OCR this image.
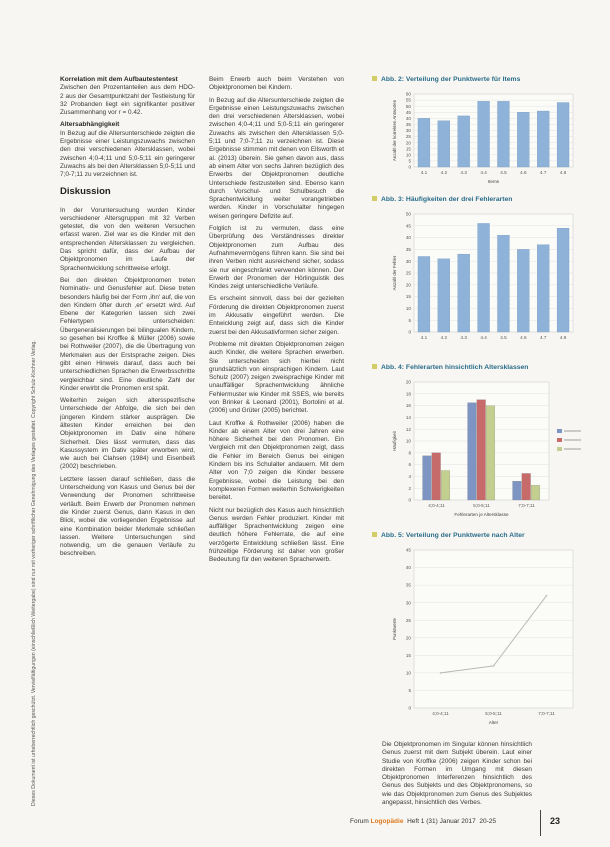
Dieses Dokument ist urheberrechtlich geschützt. Vervielfältigungen (einschließlich Weitergabe) sind nur mit vorheriger schriftlicher Genehmigung des Verlages gestattet. Copyright Schulz-Kirchner Verlag.
Korrelation mit dem Aufbautestentest

Zwischen den Prozentanteilen aus dem HDO- 2 aus der Gesamtpunktzahl der Testleistung für 32 Probanden liegt ein signifikanter positiver Zusammenhang vor r = 0.42.

Altersabhängigkeit

In Bezug auf die Altersunterschiede zeigten die Ergebnisse einer Leistungszuwachs zwischen den drei verschiedenen Altersklassen, wobei zwischen 4;0-4;11 und 5;0-5;11 ein geringerer Zuwachs als bei den Altersklassen 5;0-5;11 und 7;0-7;11 zu verzeichnen ist.

Diskussion

In der Voruntersuchung wurden Kinder verschiedener Altersgruppen mit 32 Verben getestet, die von den weiteren Versuchen erfasst waren. Ziel war es die Kinder mit den entsprechenden Altersklassen zu vergleichen. Das spricht dafür, dass der Aufbau der Objektpronomen im Laufe der Sprachentwicklung schrittweise erfolgt.

Bei den direkten Objektpronomen treten Nominativ- und Genusfehler auf. Diese treten besonders häufig bei der Form ‚ihn' auf, die von den Kindern öfter durch ‚er' ersetzt wird. Auf Ebene der Kategorien lassen sich zwei Fehlertypen unterscheiden: Übergeneralisierungen bei bilingualen Kindern, so gesehen bei Kroffke & Müller (2006) sowie bei Rothweiler (2007), die die Übertragung von Merkmalen aus der Erstsprache zeigen. Dies gibt einen Hinweis darauf, dass auch bei unterschiedlichen Sprachen die Erwerbsschritte vergleichbar sind. Eine deutliche Zahl der Kinder erwirbt die Pronomen erst spät.

Weiterhin zeigen sich altersspezifische Unterschiede der Abfolge, die sich bei den jüngeren Kindern stärker ausprägen. Die ältesten Kinder erreichen bei den Objektpronomen im Dativ eine höhere Sicherheit. Dies lässt vermuten, dass das Kasussystem im Dativ später erworben wird, wie auch bei Clahsen (1984) und Eisenbeiß (2002) beschrieben.

Letztere lassen darauf schließen, dass die Unterscheidung von Kasus und Genus bei der Verwendung der Pronomen schrittweise verläuft. Beim Erwerb der Pronomen nehmen die Kinder zuerst Genus, dann Kasus in den Blick, wobei die vorliegenden Ergebnisse auf eine Kombination beider Merkmale schließen lassen. Weitere Untersuchungen sind notwendig, um die genauen Verläufe zu beschreiben.

Beim Erwerb auch beim Verstehen von Objektpronomen bei Kindern.

In Bezug auf die Altersunterschiede zeigten die Ergebnisse einen Leistungszuwachs zwischen den drei verschiedenen Altersklassen, wobei zwischen 4;0-4;11 und 5;0-5;11 ein geringerer Zuwachs als zwischen den Altersklassen 5;0-5;11 und 7;0-7;11 zu verzeichnen ist. Diese Ergebnisse stimmen mit denen von Ellsworth et al. (2013) überein. Sie gehen davon aus, dass ab einem Alter von sechs Jahren bezüglich des Erwerbs der Objektpronomen deutliche Unterschiede festzustellen sind. Ebenso kann durch Vorschul- und Schulbesuch die Sprachentwicklung weiter vorangetrieben werden. Kinder in Vorschulalter hingegen weisen geringere Defizite auf.

Folglich ist zu vermuten, dass eine Überprüfung des Verständnisses direkter Objektpronomen zum Aufbau des Aufnahmevermögens führen kann. Sie sind bei ihren Verben nicht ausreichend sicher, sodass sie nur eingeschränkt verwenden können. Der Erwerb der Pronomen der Hörlinguistik des Kindes zeigt unterschiedliche Verläufe.

Es erscheint sinnvoll, dass bei der gezielten Förderung die direkten Objektpronomen zuerst im Akkusativ eingeführt werden. Die Entwicklung zeigt auf, dass sich die Kinder zuerst bei den Akkusativformen sicher zeigen.

Probleme mit direkten Objektpronomen zeigen auch Kinder, die weitere Sprachen erwerben. Sie unterscheiden sich hierbei nicht grundsätzlich von einsprachigen Kindern. Laut Schulz (2007) zeigen zweisprachige Kinder mit unauffälliger Sprachentwicklung ähnliche Fehlermuster wie Kinder mit SSES, wie bereits von Brinker & Leonard (2001), Bortolini et al. (2006) und Grüter (2005) berichtet.

Laut Kroffke & Rothweiler (2006) haben die Kinder ab einem Alter von drei Jahren eine höhere Sicherheit bei den Pronomen. Ein Vergleich mit den Objektpronomen zeigt, dass die Fehler im Bereich Genus bei einigen Kindern bis ins Schulalter andauern. Mit dem Alter von 7;0 zeigen die Kinder bessere Ergebnisse, wobei die Leistung bei den komplexeren Formen weiterhin Schwierigkeiten bereitet.

Nicht nur bezüglich des Kasus auch hinsichtlich Genus werden Fehler produziert. Kinder mit auffälliger Sprachentwicklung zeigen eine deutlich höhere Fehlerrate, die auf eine verzögerte Entwicklung schließen lässt. Eine frühzeitige Förderung ist daher von großer Bedeutung für den weiteren Spracherwerb.

Abb. 2: Verteilung der Punktwerte für Items
0
5
10
15
20
25
30
35
40
45
50
55
60
Anzahl der korrekten Antworten
4.1	4.2	4.3	4.4	4.5	4.6	4.7	4.8
Items
Abb. 3: Häufigkeiten der drei Fehlerarten
0
5
10
15
20
25
30
35
40
45
50
Anzahl der Fehler
4.1	4.2	4.3	4.4	4.5	4.6	4.7	4.8
Abb. 4: Fehlerarten hinsichtlich Altersklassen
0
2
4
6
8
10
12
14
16
18
20
Häufigkeit
4;0-4;11	5;0-5;11	7;0-7;11
Fehlerarten je Altersklasse
Abb. 5: Verteilung der Punktwerte nach Alter
0
5
10
15
20
25
30
35
40
45
Punktwerte
4;0-4;11	5;0-5;11	7;0-7;11
Alter

Die Objektpronomen im Singular können hinsichtlich Genus zuerst mit dem Subjekt überein. Laut einer Studie von Kroffke (2006) zeigen Kinder schon bei direkten Formen im Umgang mit diesen Objektpronomen Interferenzen hinsichtlich des Genus des Subjekts und des Objektpronomens, so wie das Objektpronomen zum Genus des Subjektes angepasst, hinsichtlich des Verbes.

Forum Logopädie Heft 1 (31) Januar 2017 20-25	23
